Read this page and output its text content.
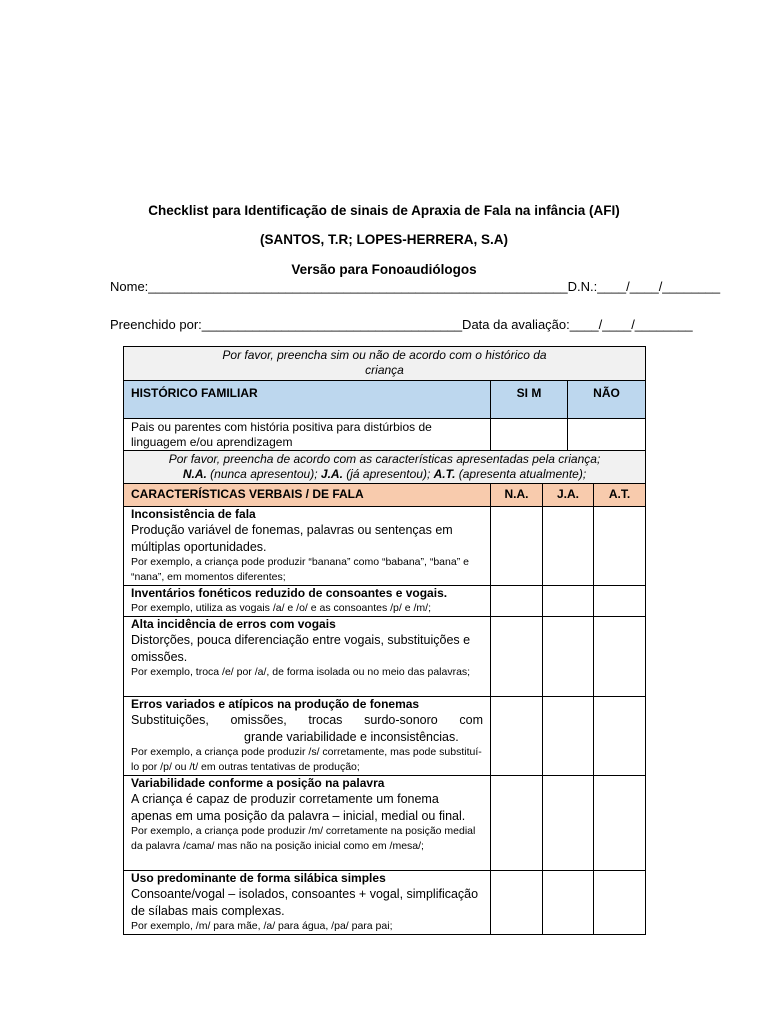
Checklist para Identificação de sinais de Apraxia de Fala na infância (AFI)
(SANTOS, T.R; LOPES-HERRERA, S.A)
Versão para Fonoaudiólogos
Nome:__________________________________________________________D.N.:____/____/________
Preenchido por:____________________________________Data da avaliação:____/____/________
Por favor, preencha sim ou não de acordo com o histórico da criança				
HISTÓRICO FAMILIAR	SI M		NÃO	
Pais ou parentes com história positiva para distúrbios de linguagem e/ou aprendizagem				
Por favor, preencha de acordo com as características apresentadas pela criança;
N.A. (nunca apresentou); J.A. (já apresentou); A.T. (apresenta atualmente);				
CARACTERÍSTICAS VERBAIS / DE FALA	N.A.	J.A.		A.T.

Inconsistência de fala
Produção variável de fonemas, palavras ou sentenças em múltiplas oportunidades.
Por exemplo, a criança pode produzir “banana” como “babana”, “bana” e “nana”, em momentos diferentes;				

Inventários fonéticos reduzido de consoantes e vogais.
Por exemplo, utiliza as vogais /a/ e /o/ e as consoantes /p/ e /m/;				

Alta incidência de erros com vogais
Distorções, pouca diferenciação entre vogais, substituições e omissões.
Por exemplo, troca /e/ por /a/, de forma isolada ou no meio das palavras;				

Erros variados e atípicos na produção de fonemas
Substituições, omissões, trocas surdo-sonoro com
grande variabilidade e inconsistências.
Por exemplo, a criança pode produzir /s/ corretamente, mas pode substituí-lo por /p/ ou /t/ em outras tentativas de produção;				

Variabilidade conforme a posição na palavra
A criança é capaz de produzir corretamente um fonema apenas em uma posição da palavra – inicial, medial ou final.
Por exemplo, a criança pode produzir /m/ corretamente na posição medial da palavra /cama/ mas não na posição inicial como em /mesa/;				

Uso predominante de forma silábica simples
Consoante/vogal – isolados, consoantes + vogal, simplificação de sílabas mais complexas.
Por exemplo, /m/ para mãe, /a/ para água, /pa/ para pai;				
